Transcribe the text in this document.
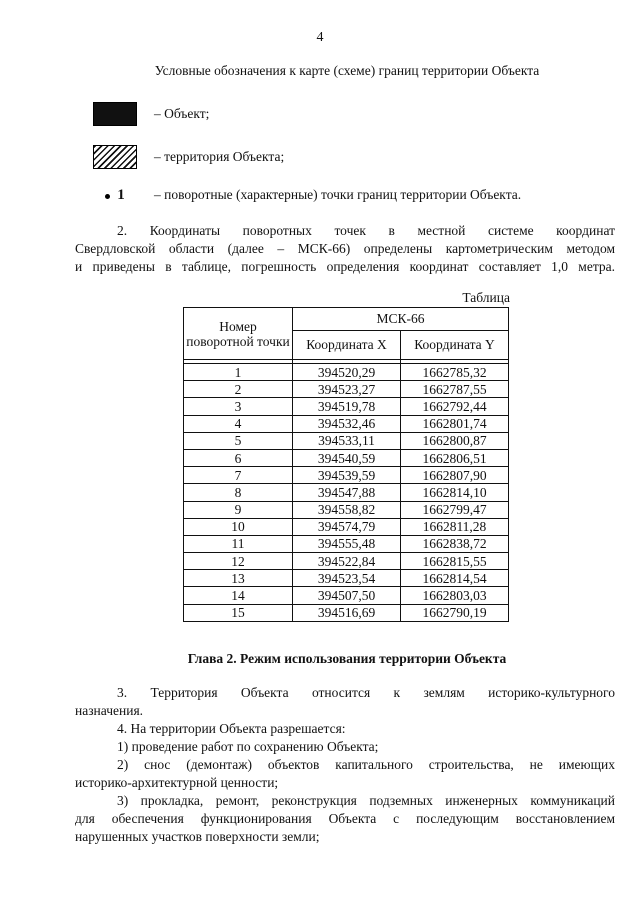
4
Условные обозначения к карте (схеме) границ территории Объекта
– Объект;
– территория Объекта;
1 – поворотные (характерные) точки границ территории Объекта.
2. Координаты поворотных точек в местной системе координат
Свердловской области (далее – МСК-66) определены картометрическим методом
и приведены в таблице, погрешность определения координат составляет 1,0 метра.
Таблица
Номер поворотной точки	МСК-66	
	Координата X	Координата Y

1	394520,29	1662785,32
2	394523,27	1662787,55
3	394519,78	1662792,44
4	394532,46	1662801,74
5	394533,11	1662800,87
6	394540,59	1662806,51
7	394539,59	1662807,90
8	394547,88	1662814,10
9	394558,82	1662799,47
10	394574,79	1662811,28
11	394555,48	1662838,72
12	394522,84	1662815,55
13	394523,54	1662814,54
14	394507,50	1662803,03
15	394516,69	1662790,19
Глава 2. Режим использования территории Объекта
3. Территория Объекта относится к землям историко-культурного
назначения.
4. На территории Объекта разрешается:
1) проведение работ по сохранению Объекта;
2) снос (демонтаж) объектов капитального строительства, не имеющих
историко-архитектурной ценности;
3) прокладка, ремонт, реконструкция подземных инженерных коммуникаций
для обеспечения функционирования Объекта с последующим восстановлением
нарушенных участков поверхности земли;
